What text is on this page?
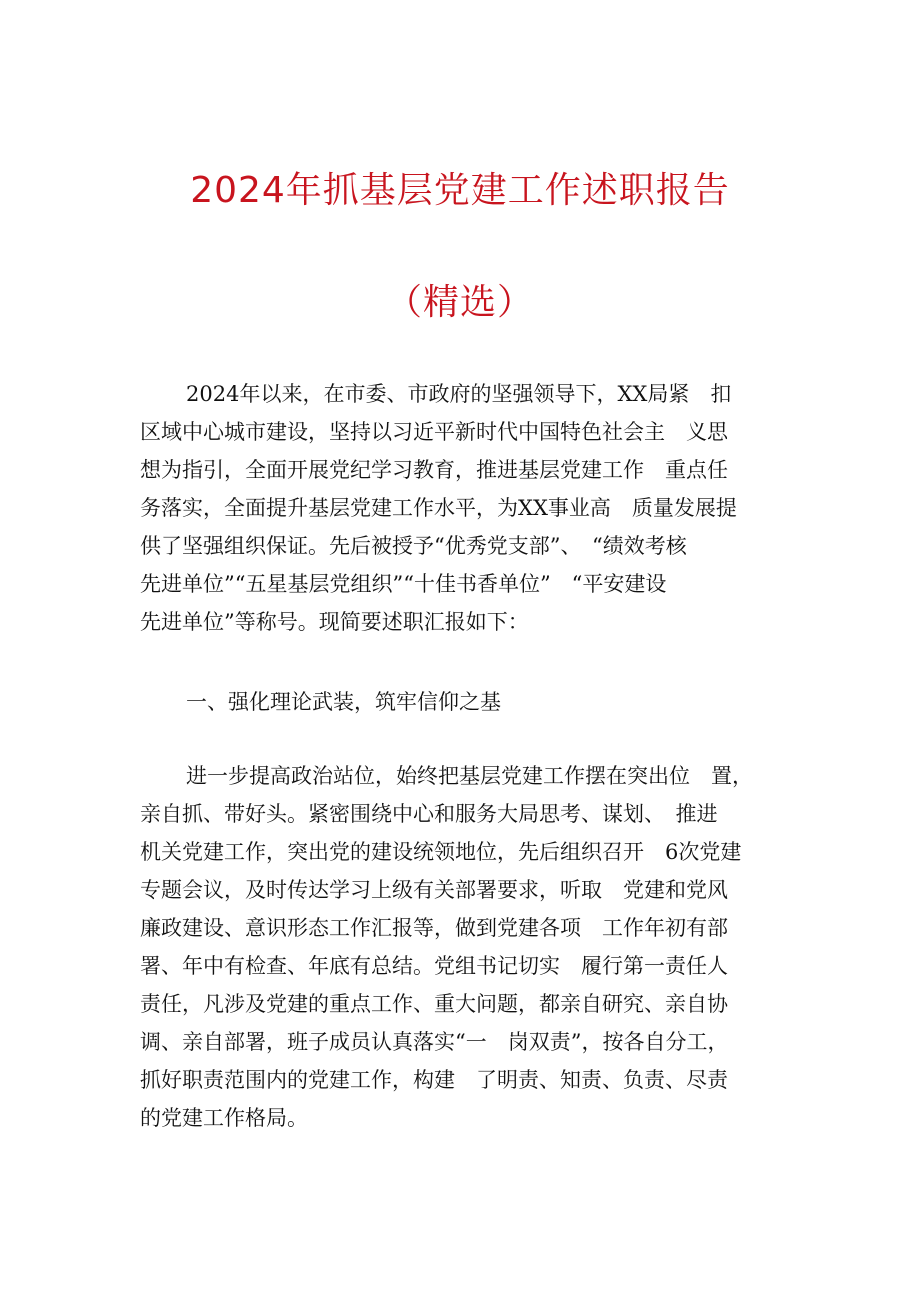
2024年抓基层党建工作述职报告
（精选）
2024年以来，在市委、市政府的坚强领导下，XX局紧　扣
区域中心城市建设，坚持以习近平新时代中国特色社会主　义思
想为指引，全面开展党纪学习教育，推进基层党建工作　重点任
务落实，全面提升基层党建工作水平，为XX事业高　质量发展提
供了坚强组织保证。先后被授予“优秀党支部”、　“绩效考核
先进单位”“五星基层党组织”“十佳书香单位”　“平安建设
先进单位”等称号。现简要述职汇报如下：
一、强化理论武装，筑牢信仰之基
进一步提高政治站位，始终把基层党建工作摆在突出位　置，
亲自抓、带好头。紧密围绕中心和服务大局思考、谋划、　推进
机关党建工作，突出党的建设统领地位，先后组织召开　6次党建
专题会议，及时传达学习上级有关部署要求，听取　党建和党风
廉政建设、意识形态工作汇报等，做到党建各项　工作年初有部
署、年中有检查、年底有总结。党组书记切实　履行第一责任人
责任，凡涉及党建的重点工作、重大问题，都亲自研究、亲自协
调、亲自部署，班子成员认真落实“一　岗双责”，按各自分工，
抓好职责范围内的党建工作，构建　了明责、知责、负责、尽责
的党建工作格局。
